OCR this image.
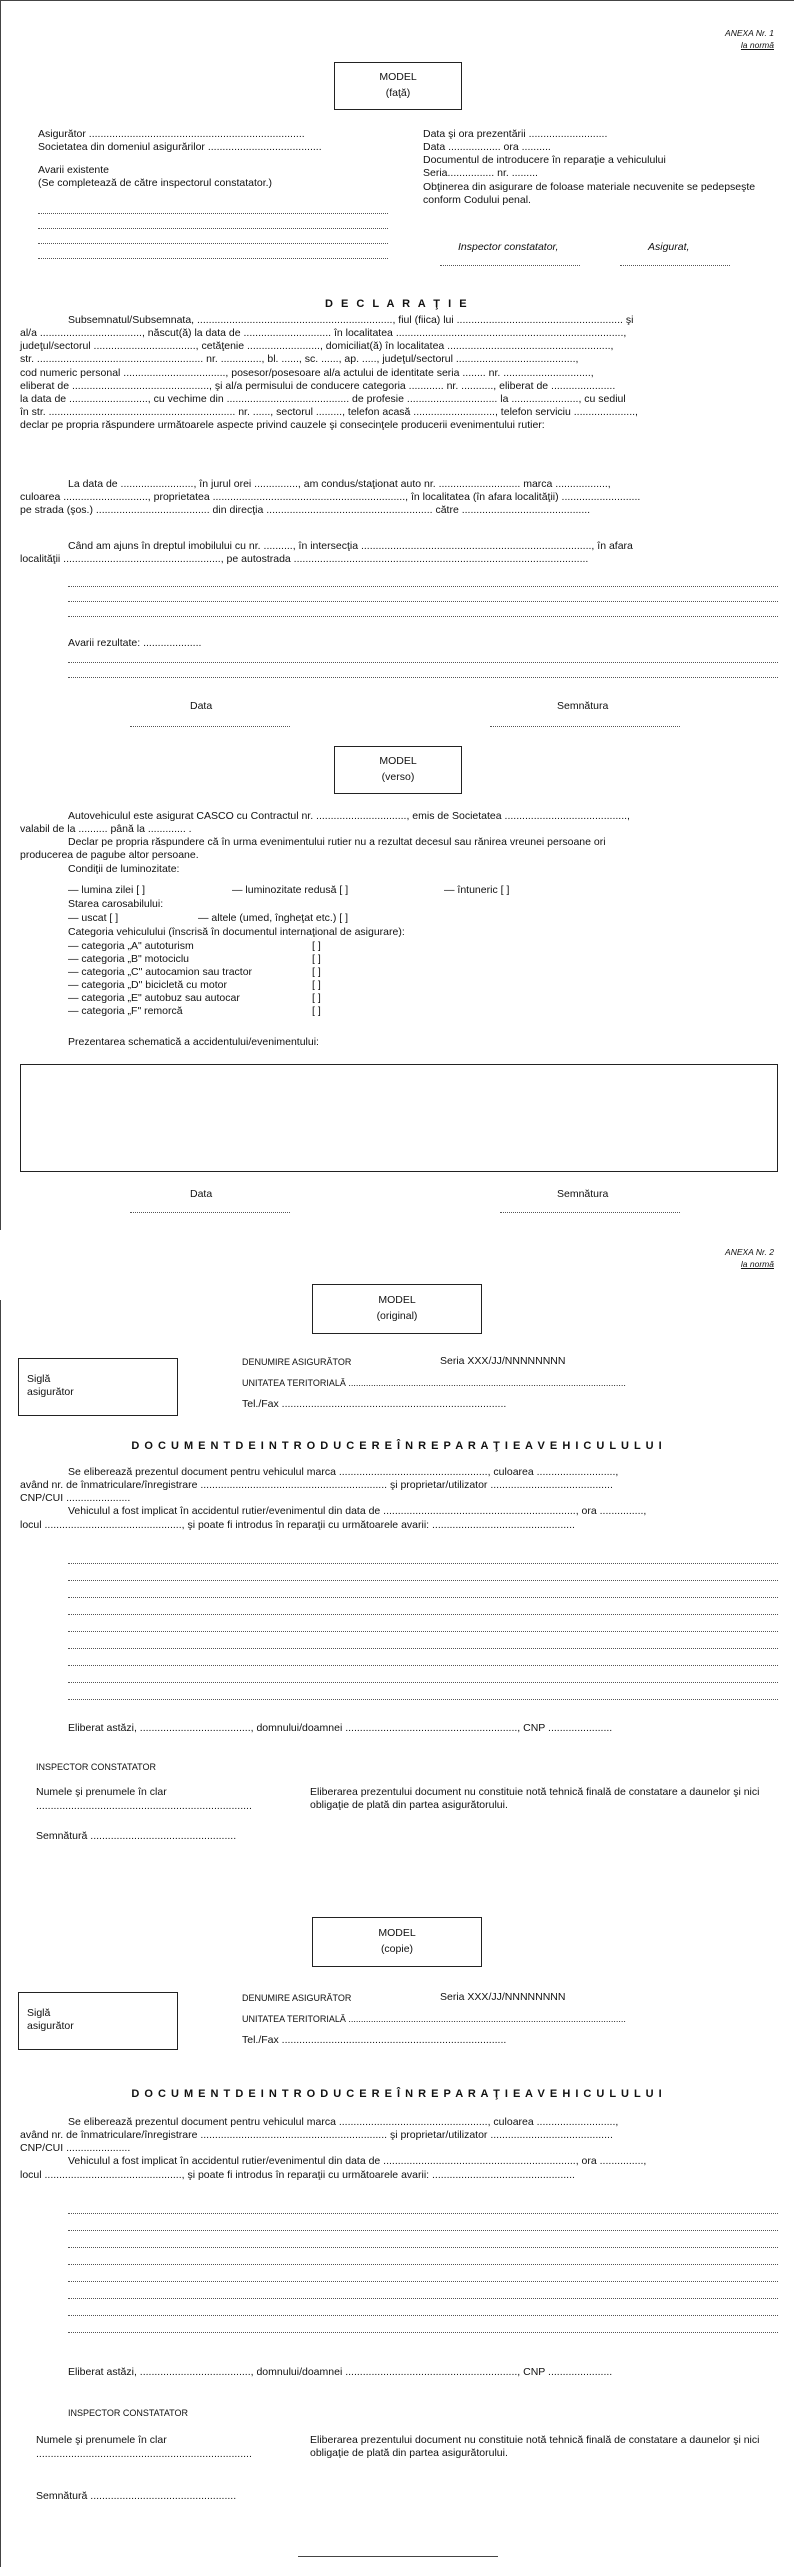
ANEXA Nr. 1
la normă
MODEL
(faţă)
Asigurător ..........................................................................
Societatea din domeniul asigurărilor .......................................
Avarii existente
(Se completează de către inspectorul constatator.)
Data şi ora prezentării ...........................
Data .................. ora ..........
Documentul de introducere în reparaţie a vehiculului
Seria................ nr. .........
Obţinerea din asigurare de foloase materiale necuvenite se pedepseşte conform Codului penal.
Inspector constatator,	Asigurat,
D E C L A R A Ţ I E
Subsemnatul/Subsemnata, ..................................................................., fiul (fiica) lui ......................................................... şi
al/a ..................................., născut(ă) la data de .............................. în localitatea ..............................................................................,
judeţul/sectorul ..................................., cetăţenie ........................., domiciliat(ă) în localitatea ........................................................,
str. ......................................................... nr. .............., bl. ......, sc. ......, ap. ....., judeţul/sectorul .........................................,
cod numeric personal ..................................., posesor/posesoare al/a actului de identitate seria ........ nr. ..............................,
eliberat de ..............................................., şi al/a permisului de conducere categoria ............ nr. ..........., eliberat de ......................
la data de ..........................., cu vechime din .......................................... de profesie ............................... la ......................., cu sediul
în str. ................................................................ nr. ......, sectorul ........., telefon acasă ............................, telefon serviciu .....................,
declar pe propria răspundere următoarele aspecte privind cauzele şi consecinţele producerii evenimentului rutier:
La data de ........................., în jurul orei ..............., am condus/staţionat auto nr. ............................ marca ..................,
culoarea ............................., proprietatea .................................................................., în localitatea (în afara localităţii) ...........................
pe strada (şos.) ....................................... din direcţia ......................................................... către ............................................
Când am ajuns în dreptul imobilului cu nr. .........., în intersecţia ..............................................................................., în afara
localităţii ......................................................, pe autostrada .....................................................................................................
Avarii rezultate: ....................
Data	Semnătura
MODEL
(verso)
Autovehiculul este asigurat CASCO cu Contractul nr. ..............................., emis de Societatea ..........................................,
valabil de la .......... până la ............. .
Declar pe propria răspundere că în urma evenimentului rutier nu a rezultat decesul sau rănirea vreunei persoane ori
producerea de pagube altor persoane.
Condiţii de luminozitate:
— lumina zilei [ ]	— luminozitate redusă [ ]	— întuneric [ ]
Starea carosabilului:
— uscat [ ]	— altele (umed, îngheţat etc.) [ ]
Categoria vehiculului (înscrisă în documentul internaţional de asigurare):
— categoria „A" autoturism	[ ]
— categoria „B" motociclu	[ ]
— categoria „C" autocamion sau tractor	[ ]
— categoria „D" bicicletă cu motor	[ ]
— categoria „E" autobuz sau autocar	[ ]
— categoria „F" remorcă	[ ]
Prezentarea schematică a accidentului/evenimentului:
Data	Semnătura
ANEXA Nr. 2
la normă
MODEL
(original)
Siglă
asigurător
DENUMIRE ASIGURĂTOR	Seria XXX/JJ/NNNNNNNN
UNITATEA TERITORIALĂ ...............................................................................................................
Tel./Fax .............................................................................
D O C U M E N T D E I N T R O D U C E R E Î N R E P A R A Ţ I E A V E H I C U L U L U I
Se eliberează prezentul document pentru vehiculul marca ..................................................., culoarea ...........................,
având nr. de înmatriculare/înregistrare ................................................................ şi proprietar/utilizator ..........................................
CNP/CUI ......................
Vehiculul a fost implicat în accidentul rutier/evenimentul din data de .................................................................., ora ...............,
locul ..............................................., şi poate fi introdus în reparaţii cu următoarele avarii: .................................................
Eliberat astăzi, ......................................, domnului/doamnei ..........................................................., CNP ......................
INSPECTOR CONSTATATOR
Numele şi prenumele în clar
..........................................................................
Eliberarea prezentului document nu constituie notă tehnică finală de constatare a daunelor şi nici obligaţie de plată din partea asigurătorului.
Semnătură ..................................................
MODEL
(copie)
Siglă
asigurător
DENUMIRE ASIGURĂTOR	Seria XXX/JJ/NNNNNNNN
UNITATEA TERITORIALĂ ...............................................................................................................
Tel./Fax .............................................................................
D O C U M E N T D E I N T R O D U C E R E Î N R E P A R A Ţ I E A V E H I C U L U L U I
Se eliberează prezentul document pentru vehiculul marca ..................................................., culoarea ...........................,
având nr. de înmatriculare/înregistrare ................................................................ şi proprietar/utilizator ..........................................
CNP/CUI ......................
Vehiculul a fost implicat în accidentul rutier/evenimentul din data de .................................................................., ora ...............,
locul ..............................................., şi poate fi introdus în reparaţii cu următoarele avarii: .................................................
Eliberat astăzi, ......................................, domnului/doamnei ..........................................................., CNP ......................
INSPECTOR CONSTATATOR
Numele şi prenumele în clar
..........................................................................
Eliberarea prezentului document nu constituie notă tehnică finală de constatare a daunelor şi nici obligaţie de plată din partea asigurătorului.
Semnătură ..................................................
